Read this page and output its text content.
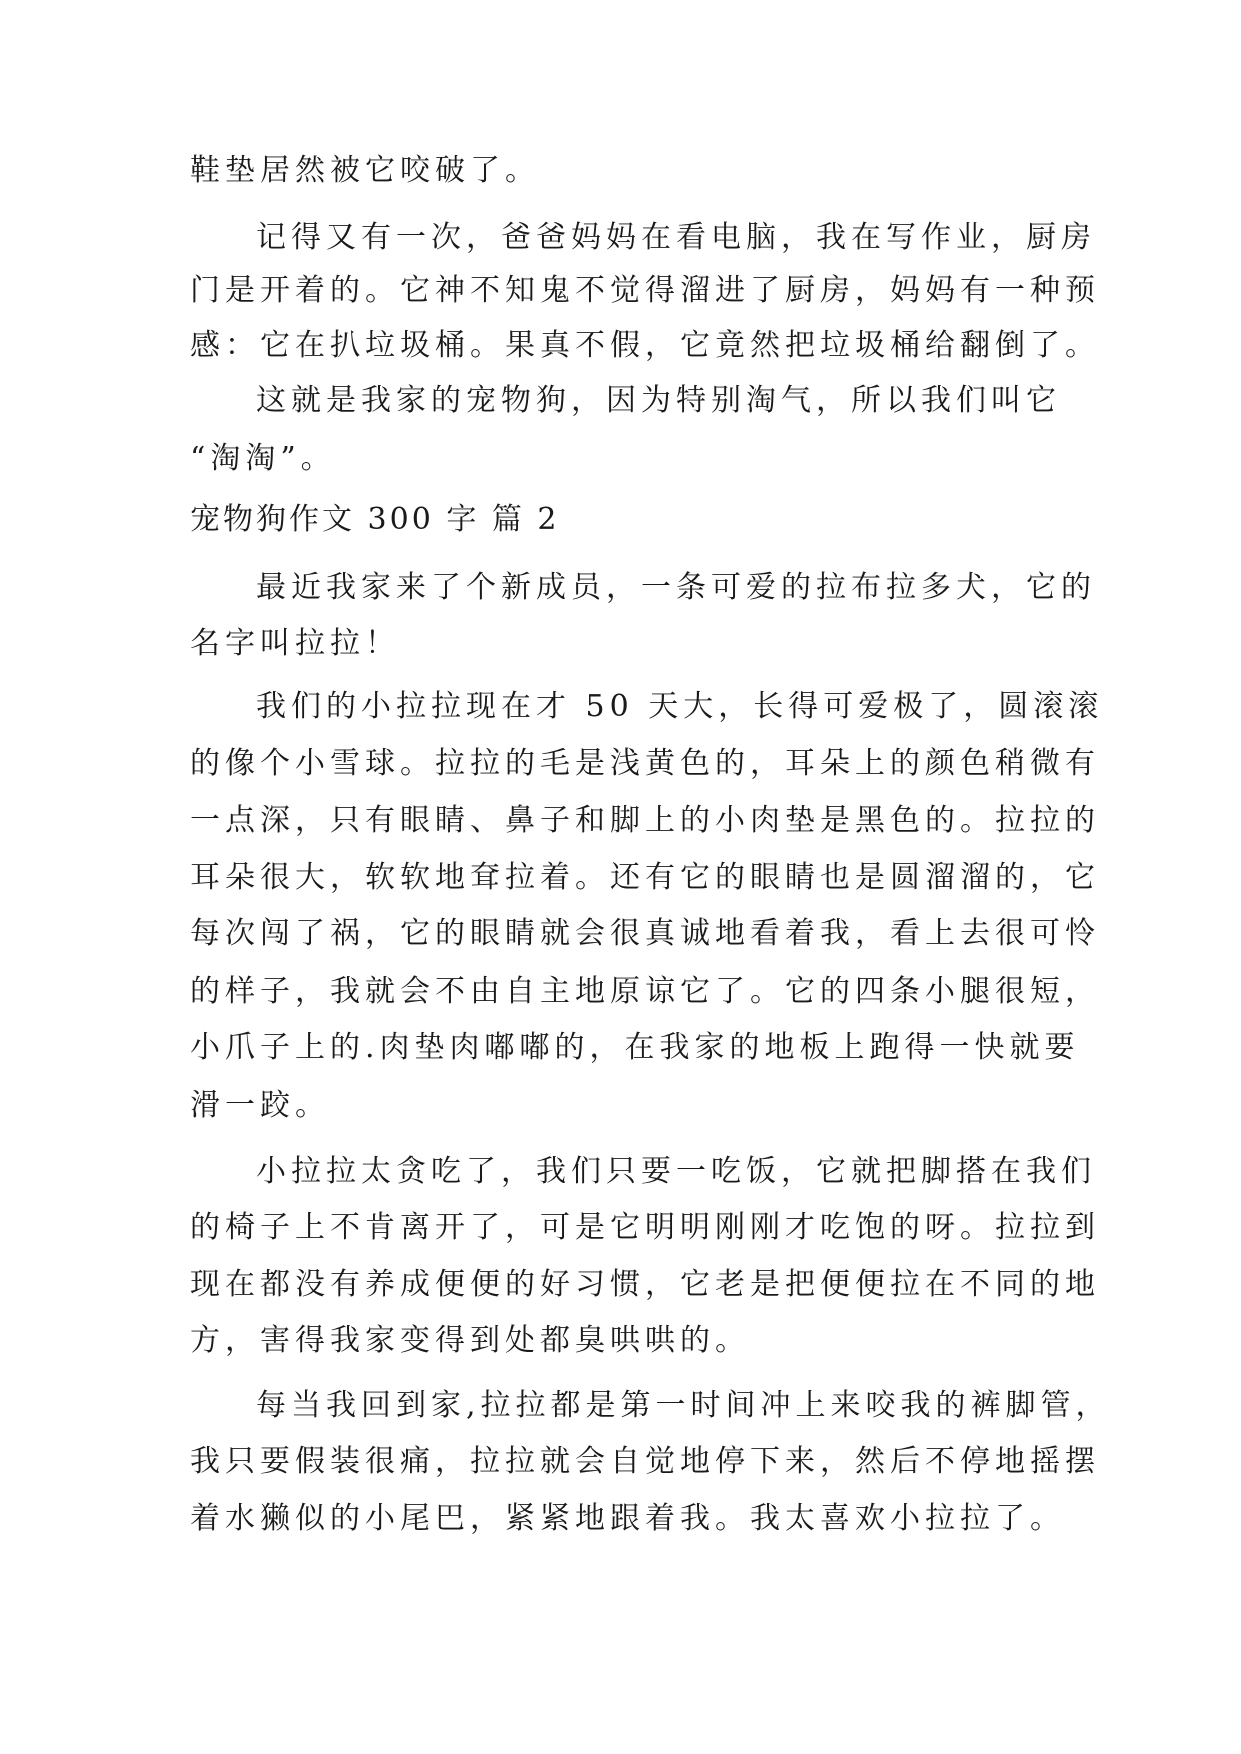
鞋垫居然被它咬破了。
记得又有一次，爸爸妈妈在看电脑，我在写作业，厨房
门是开着的。它神不知鬼不觉得溜进了厨房，妈妈有一种预
感：它在扒垃圾桶。果真不假，它竟然把垃圾桶给翻倒了。
这就是我家的宠物狗，因为特别淘气，所以我们叫它
“淘淘”。
宠物狗作文 300 字 篇 2
最近我家来了个新成员，一条可爱的拉布拉多犬，它的
名字叫拉拉！
我们的小拉拉现在才 50 天大，长得可爱极了，圆滚滚
的像个小雪球。拉拉的毛是浅黄色的，耳朵上的颜色稍微有
一点深，只有眼睛、鼻子和脚上的小肉垫是黑色的。拉拉的
耳朵很大，软软地耷拉着。还有它的眼睛也是圆溜溜的，它
每次闯了祸，它的眼睛就会很真诚地看着我，看上去很可怜
的样子，我就会不由自主地原谅它了。它的四条小腿很短，
小爪子上的.肉垫肉嘟嘟的，在我家的地板上跑得一快就要
滑一跤。
小拉拉太贪吃了，我们只要一吃饭，它就把脚搭在我们
的椅子上不肯离开了，可是它明明刚刚才吃饱的呀。拉拉到
现在都没有养成便便的好习惯，它老是把便便拉在不同的地
方，害得我家变得到处都臭哄哄的。
每当我回到家,拉拉都是第一时间冲上来咬我的裤脚管，
我只要假装很痛，拉拉就会自觉地停下来，然后不停地摇摆
着水獭似的小尾巴，紧紧地跟着我。我太喜欢小拉拉了。
